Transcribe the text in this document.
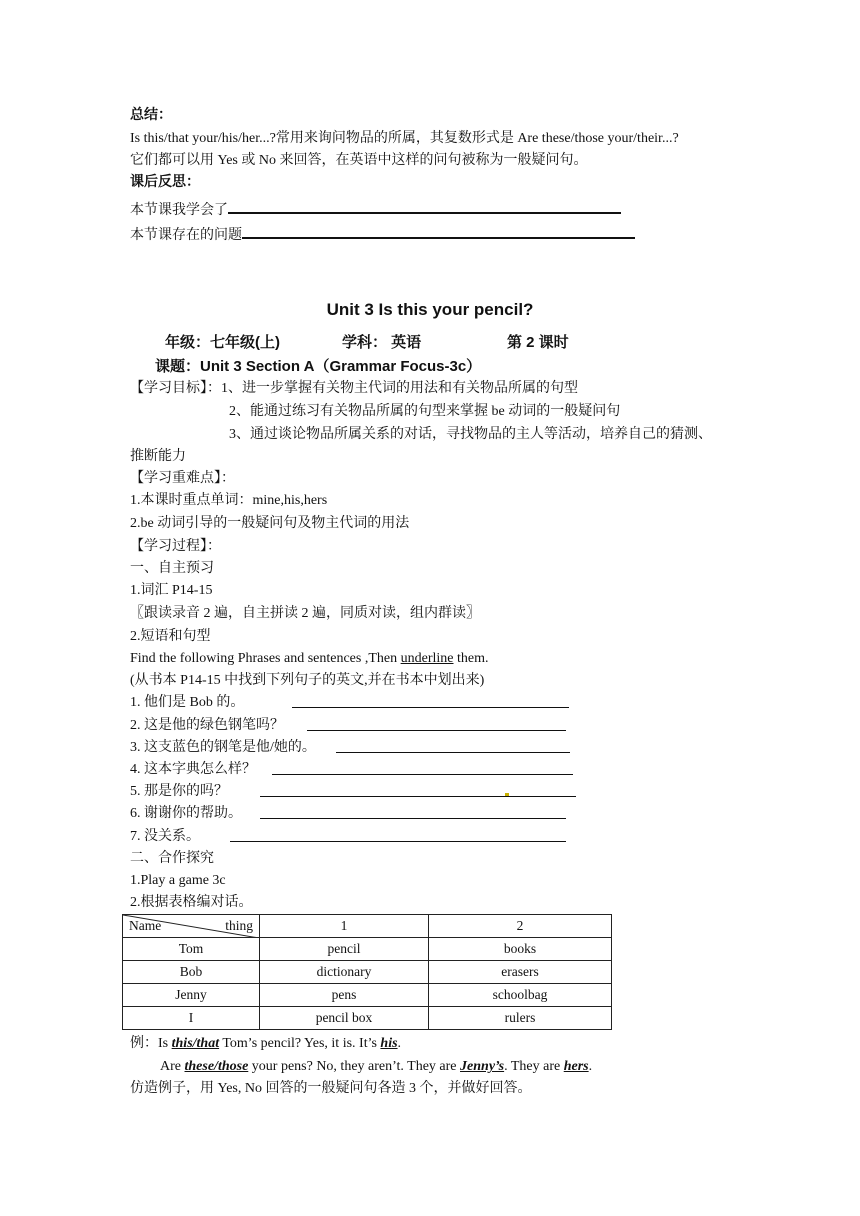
总结：
Is this/that your/his/her...?常用来询问物品的所属，其复数形式是 Are these/those your/their...?
它们都可以用 Yes 或 No 来回答，在英语中这样的问句被称为一般疑问句。
课后反思：
本节课我学会了
本节课存在的问题
Unit 3 Is this your pencil?
年级：七年级(上)	学科： 英语	第 2 课时
课题：Unit 3 Section A（Grammar Focus-3c）
【学习目标】：1、进一步掌握有关物主代词的用法和有关物品所属的句型
2、能通过练习有关物品所属的句型来掌握 be 动词的一般疑问句
3、通过谈论物品所属关系的对话，寻找物品的主人等活动，培养自己的猜测、
推断能力
【学习重难点】：
1.本课时重点单词：mine,his,hers
2.be 动词引导的一般疑问句及物主代词的用法
【学习过程】：
一、自主预习
1.词汇 P14-15
〖跟读录音 2 遍，自主拼读 2 遍，同质对读，组内群读〗
2.短语和句型
Find the following Phrases and sentences ,Then underline them.
(从书本 P14-15 中找到下列句子的英文,并在书本中划出来)
1. 他们是 Bob 的。
2. 这是他的绿色钢笔吗？
3. 这支蓝色的钢笔是他/她的。
4. 这本字典怎么样？
5. 那是你的吗？
6. 谢谢你的帮助。
7. 没关系。
二、合作探究
1.Play a game 3c
2.根据表格编对话。
Name thing	1	2
Tom	pencil	books
Bob	dictionary	erasers
Jenny	pens	schoolbag
I	pencil box	rulers
例：Is this/that Tom’s pencil? Yes, it is. It’s his.
Are these/those your pens? No, they aren’t. They are Jenny’s. They are hers.
仿造例子，用 Yes, No 回答的一般疑问句各造 3 个，并做好回答。
